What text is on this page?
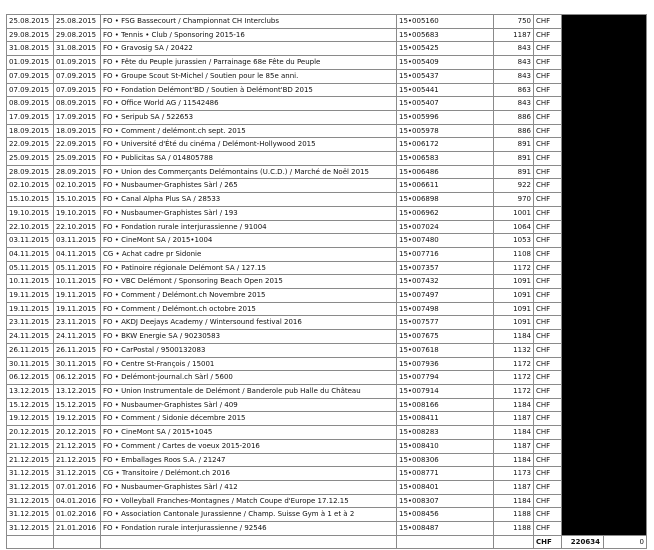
25.08.2015	25.08.2015	FO • FSG Bassecourt / Championnat CH Interclubs	15•005160	750	CHF	
29.08.2015	29.08.2015	FO • Tennis • Club / Sponsoring 2015-16	15•005683	1187	CHF	
31.08.2015	31.08.2015	FO • Gravosig SA / 20422	15•005425	843	CHF	
01.09.2015	01.09.2015	FO • Fête du Peuple jurassien / Parrainage 68e Fête du Peuple	15•005409	843	CHF	
07.09.2015	07.09.2015	FO • Groupe Scout St-Michel / Soutien pour le 85e anni.	15•005437	843	CHF	
07.09.2015	07.09.2015	FO • Fondation Delémont'BD / Soutien à Delémont'BD 2015	15•005441	863	CHF	
08.09.2015	08.09.2015	FO • Office World AG / 11542486	15•005407	843	CHF	
17.09.2015	17.09.2015	FO • Seripub SA / 522653	15•005996	886	CHF	
18.09.2015	18.09.2015	FO • Comment / delémont.ch sept. 2015	15•005978	886	CHF	
22.09.2015	22.09.2015	FO • Université d'Été du cinéma / Delémont-Hollywood 2015	15•006172	891	CHF	
25.09.2015	25.09.2015	FO • Publicitas SA / 014805788	15•006583	891	CHF	
28.09.2015	28.09.2015	FO • Union des Commerçants Delémontains (U.C.D.) / Marché de Noël 2015	15•006486	891	CHF	
02.10.2015	02.10.2015	FO • Nusbaumer-Graphistes Sàrl / 265	15•006611	922	CHF	
15.10.2015	15.10.2015	FO • Canal Alpha Plus SA / 28533	15•006898	970	CHF	
19.10.2015	19.10.2015	FO • Nusbaumer-Graphistes Sàrl / 193	15•006962	1001	CHF	
22.10.2015	22.10.2015	FO • Fondation rurale interjurassienne / 91004	15•007024	1064	CHF	
03.11.2015	03.11.2015	FO • CineMont SA / 2015•1004	15•007480	1053	CHF	
04.11.2015	04.11.2015	CG • Achat cadre pr Sidonie	15•007716	1108	CHF	
05.11.2015	05.11.2015	FO • Patinoire régionale Delémont SA / 127.15	15•007357	1172	CHF	
10.11.2015	10.11.2015	FO • VBC Delémont / Sponsoring Beach Open 2015	15•007432	1091	CHF	
19.11.2015	19.11.2015	FO • Comment / Delémont.ch Novembre 2015	15•007497	1091	CHF	
19.11.2015	19.11.2015	FO • Comment / Delémont.ch octobre 2015	15•007498	1091	CHF	
23.11.2015	23.11.2015	FO • AKDJ Deejays Academy / Wintersound festival 2016	15•007577	1091	CHF	
24.11.2015	24.11.2015	FO • BKW Energie SA / 90230583	15•007675	1184	CHF	
26.11.2015	26.11.2015	FO • CarPostal / 9500132083	15•007618	1132	CHF	
30.11.2015	30.11.2015	FO • Centre St-François / 15001	15•007936	1172	CHF	
06.12.2015	06.12.2015	FO • Delémont-journal.ch Sàrl / 5600	15•007794	1172	CHF	
13.12.2015	13.12.2015	FO • Union Instrumentale de Delémont / Banderole pub Halle du Château	15•007914	1172	CHF	
15.12.2015	15.12.2015	FO • Nusbaumer-Graphistes Sàrl / 409	15•008166	1184	CHF	
19.12.2015	19.12.2015	FO • Comment / Sidonie décembre 2015	15•008411	1187	CHF	
20.12.2015	20.12.2015	FO • CineMont SA / 2015•1045	15•008283	1184	CHF	
21.12.2015	21.12.2015	FO • Comment / Cartes de voeux 2015-2016	15•008410	1187	CHF	
21.12.2015	21.12.2015	FO • Emballages Roos S.A. / 21247	15•008306	1184	CHF	
31.12.2015	31.12.2015	CG • Transitoire / Delémont.ch 2016	15•008771	1173	CHF	
31.12.2015	07.01.2016	FO • Nusbaumer-Graphistes Sàrl / 412	15•008401	1187	CHF	
31.12.2015	04.01.2016	FO • Volleyball Franches-Montagnes / Match Coupe d'Europe 17.12.15	15•008307	1184	CHF	
31.12.2015	01.02.2016	FO • Association Cantonale Jurassienne / Champ. Suisse Gym à 1 et à 2	15•008456	1188	CHF	
31.12.2015	21.01.2016	FO • Fondation rurale interjurassienne / 92546	15•008487	1188	CHF	
					CHF	220634 0
